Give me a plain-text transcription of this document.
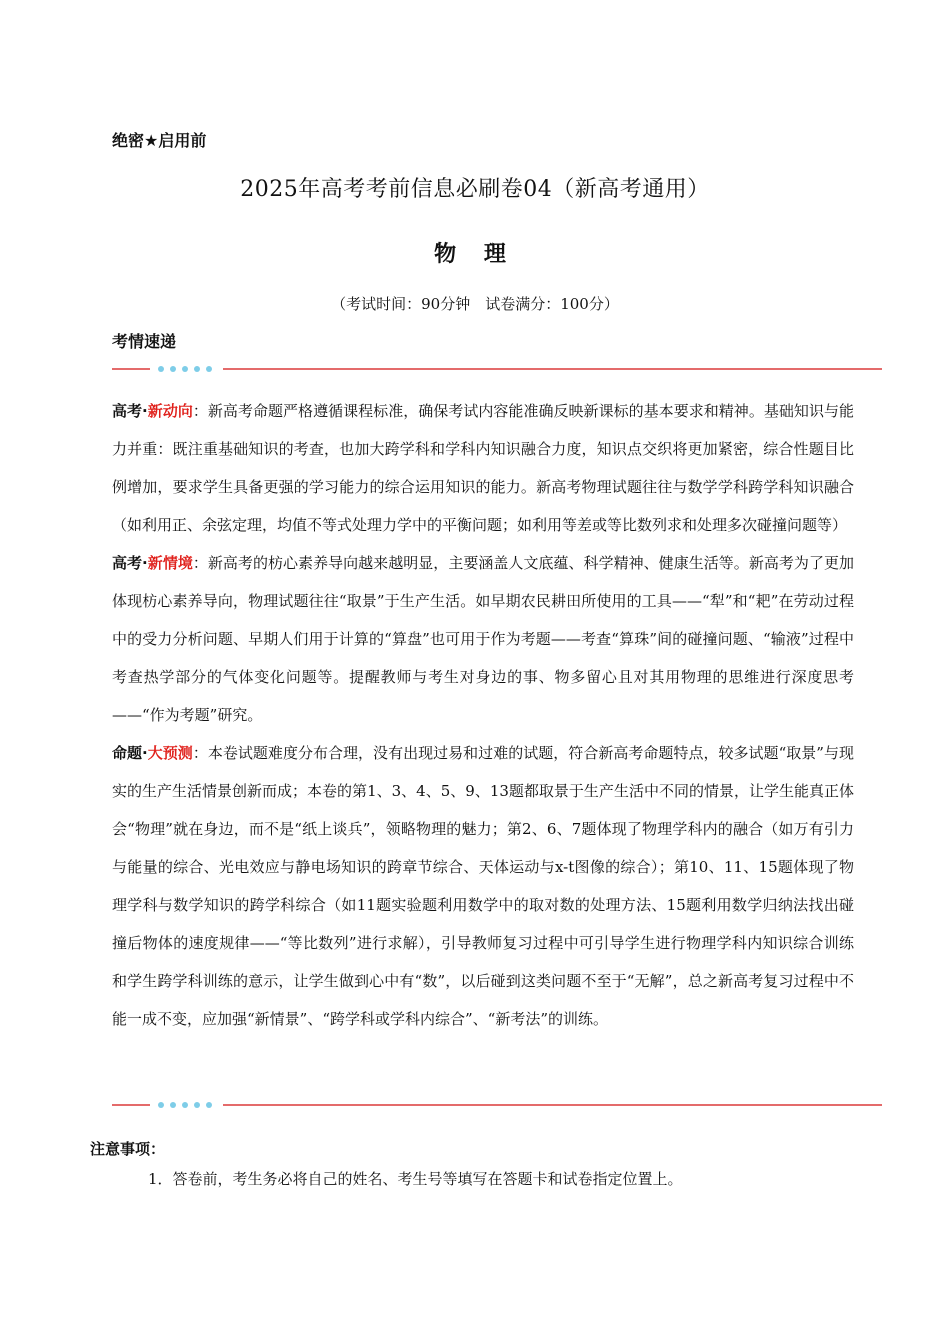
绝密★启用前
2025年高考考前信息必刷卷04（新高考通用）
物 理
（考试时间：90分钟　试卷满分：100分）
考情速递

高考·新动向：新高考命题严格遵循课程标准，确保考试内容能准确反映新课标的基本要求和精神。基础知识与能力并重：既注重基础知识的考查，也加大跨学科和学科内知识融合力度，知识点交织将更加紧密，综合性题目比例增加，要求学生具备更强的学习能力的综合运用知识的能力。新高考物理试题往往与数学学科跨学科知识融合（如利用正、余弦定理，均值不等式处理力学中的平衡问题；如利用等差或等比数列求和处理多次碰撞问题等）

高考·新情境：新高考的枋心素养导向越来越明显，主要涵盖人文底蕴、科学精神、健康生活等。新高考为了更加体现枋心素养导向，物理试题往往“取景”于生产生活。如早期农民耕田所使用的工具——“犁”和“耙”在劳动过程中的受力分析问题、早期人们用于计算的“算盘”也可用于作为考题——考查“算珠”间的碰撞问题、“输液”过程中考查热学部分的气体变化问题等。提醒教师与考生对身边的事、物多留心且对其用物理的思维进行深度思考——“作为考题”研究。

命题·大预测：本卷试题难度分布合理，没有出现过易和过难的试题，符合新高考命题特点，较多试题“取景”与现实的生产生活情景创新而成；本卷的第1、3、4、5、9、13题都取景于生产生活中不同的情景，让学生能真正体会“物理”就在身边，而不是“纸上谈兵”，领略物理的魅力；第2、6、7题体现了物理学科内的融合（如万有引力与能量的综合、光电效应与静电场知识的跨章节综合、天体运动与x-t图像的综合）；第10、11、15题体现了物理学科与数学知识的跨学科综合（如11题实验题利用数学中的取对数的处理方法、15题利用数学归纳法找出碰撞后物体的速度规律——“等比数列”进行求解），引导教师复习过程中可引导学生进行物理学科内知识综合训练和学生跨学科训练的意示，让学生做到心中有“数”，以后碰到这类问题不至于“无解”，总之新高考复习过程中不能一成不变，应加强“新情景”、“跨学科或学科内综合”、“新考法”的训练。

注意事项：
1．答卷前，考生务必将自己的姓名、考生号等填写在答题卡和试卷指定位置上。
